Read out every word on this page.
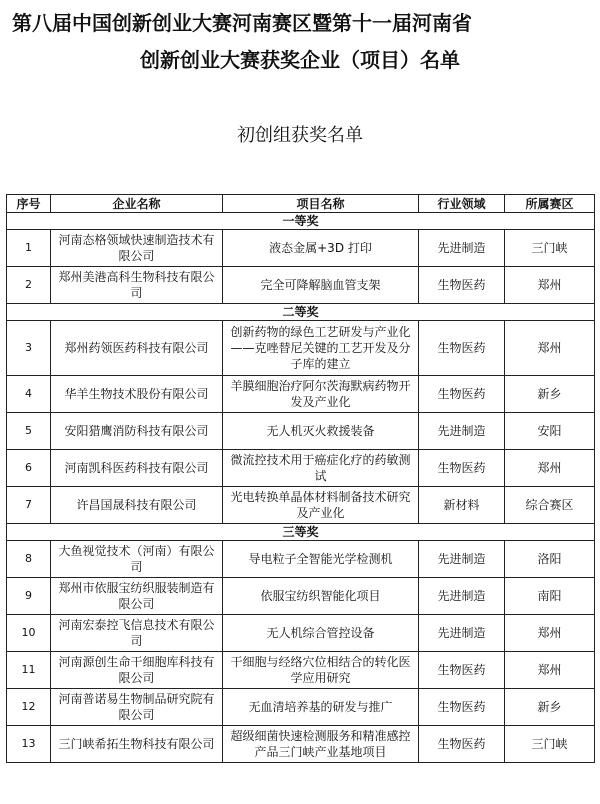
第八届中国创新创业大赛河南赛区暨第十一届河南省
创新创业大赛获奖企业（项目）名单
初创组获奖名单
序号	企业名称	项目名称	行业领域	所属赛区
一等奖				
1	河南态格领域快速制造技术有限公司	液态金属+3D 打印	先进制造	三门峡
2	郑州美港高科生物科技有限公司	完全可降解脑血管支架	生物医药	郑州
二等奖				
3	郑州药领医药科技有限公司	创新药物的绿色工艺研发与产业化 ——克唑替尼关键的工艺开发及分子库的建立	生物医药	郑州
4	华羊生物技术股份有限公司	羊膜细胞治疗阿尔茨海默病药物开发及产业化	生物医药	新乡
5	安阳猎鹰消防科技有限公司	无人机灭火救援装备	先进制造	安阳
6	河南凯科医药科技有限公司	微流控技术用于癌症化疗的药敏测试	生物医药	郑州
7	许昌国晟科技有限公司	光电转换单晶体材料制备技术研究及产业化	新材料	综合赛区
三等奖				
8	大鱼视觉技术（河南）有限公司	导电粒子全智能光学检测机	先进制造	洛阳
9	郑州市依服宝纺织服装制造有限公司	依服宝纺织智能化项目	先进制造	南阳
10	河南宏泰控飞信息技术有限公司	无人机综合管控设备	先进制造	郑州
11	河南源创生命干细胞库科技有限公司	干细胞与经络穴位相结合的转化医学应用研究	生物医药	郑州
12	河南普诺易生物制品研究院有限公司	无血清培养基的研发与推广	生物医药	新乡
13	三门峡希拓生物科技有限公司	超级细菌快速检测服务和精准感控产品三门峡产业基地项目	生物医药	三门峡
